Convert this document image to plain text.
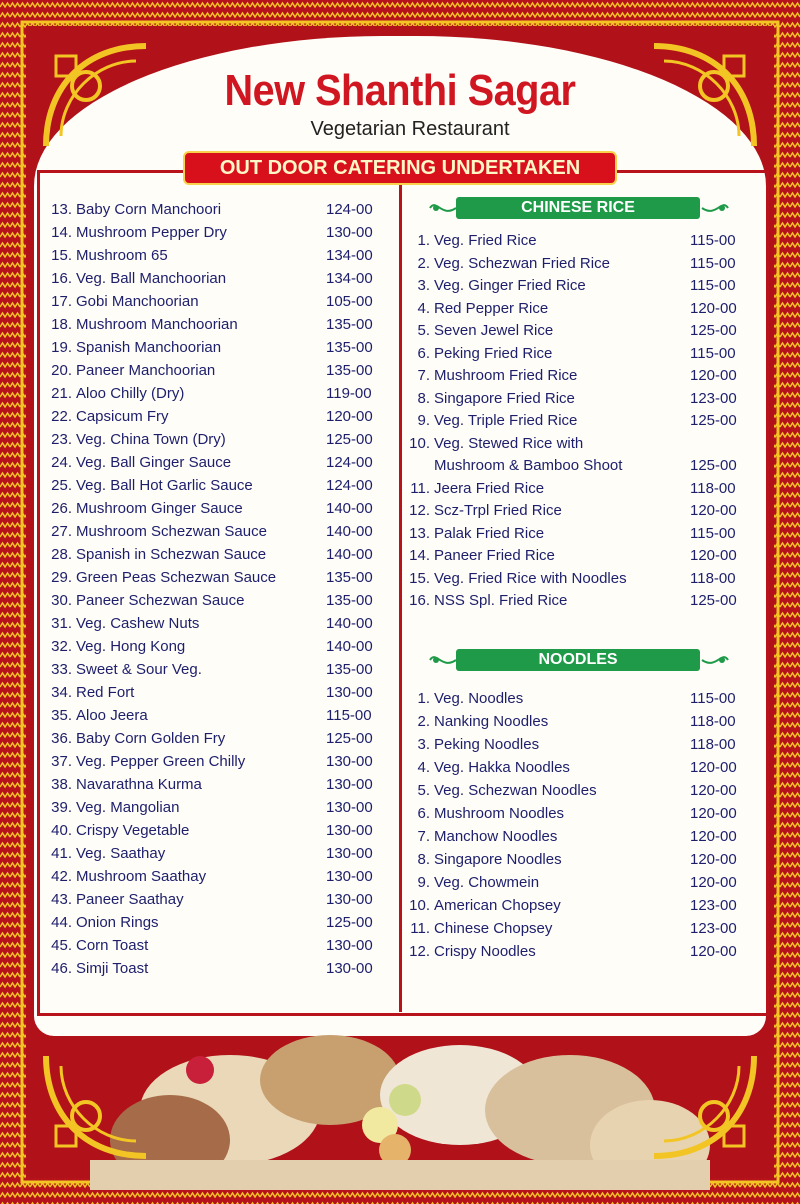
New Shanthi Sagar
Vegetarian Restaurant
OUT DOOR CATERING UNDERTAKEN
13. Baby Corn Manchoori	124-00
14. Mushroom Pepper Dry	130-00
15. Mushroom 65	134-00
16. Veg. Ball Manchoorian	134-00
17. Gobi Manchoorian	105-00
18. Mushroom Manchoorian	135-00
19. Spanish Manchoorian	135-00
20. Paneer Manchoorian	135-00
21. Aloo Chilly (Dry)	119-00
22. Capsicum Fry	120-00
23. Veg. China Town (Dry)	125-00
24. Veg. Ball Ginger Sauce	124-00
25. Veg. Ball Hot Garlic Sauce	124-00
26. Mushroom Ginger Sauce	140-00
27. Mushroom Schezwan Sauce	140-00
28. Spanish in Schezwan Sauce	140-00
29. Green Peas Schezwan Sauce	135-00
30. Paneer Schezwan Sauce	135-00
31. Veg. Cashew Nuts	140-00
32. Veg. Hong Kong	140-00
33. Sweet & Sour Veg.	135-00
34. Red Fort	130-00
35. Aloo Jeera	115-00
36. Baby Corn Golden Fry	125-00
37. Veg. Pepper Green Chilly	130-00
38. Navarathna Kurma	130-00
39. Veg. Mangolian	130-00
40. Crispy Vegetable	130-00
41. Veg. Saathay	130-00
42. Mushroom Saathay	130-00
43. Paneer Saathay	130-00
44. Onion Rings	125-00
45. Corn Toast	130-00
46. Simji Toast	130-00
CHINESE RICE
1. Veg. Fried Rice	115-00
2. Veg. Schezwan Fried Rice	115-00
3. Veg. Ginger Fried Rice	115-00
4. Red Pepper Rice	120-00
5. Seven Jewel Rice	125-00
6. Peking Fried Rice	115-00
7. Mushroom Fried Rice	120-00
8. Singapore Fried Rice	123-00
9. Veg. Triple Fried Rice	125-00
10. Veg. Stewed Rice with
Mushroom & Bamboo Shoot	125-00
11. Jeera Fried Rice	118-00
12. Scz-Trpl Fried Rice	120-00
13. Palak Fried Rice	115-00
14. Paneer Fried Rice	120-00
15. Veg. Fried Rice with Noodles	118-00
16. NSS Spl. Fried Rice	125-00
NOODLES
1. Veg. Noodles	115-00
2. Nanking Noodles	118-00
3. Peking Noodles	118-00
4. Veg. Hakka Noodles	120-00
5. Veg. Schezwan Noodles	120-00
6. Mushroom Noodles	120-00
7. Manchow Noodles	120-00
8. Singapore Noodles	120-00
9. Veg. Chowmein	120-00
10. American Chopsey	123-00
11. Chinese Chopsey	123-00
12. Crispy Noodles	120-00
